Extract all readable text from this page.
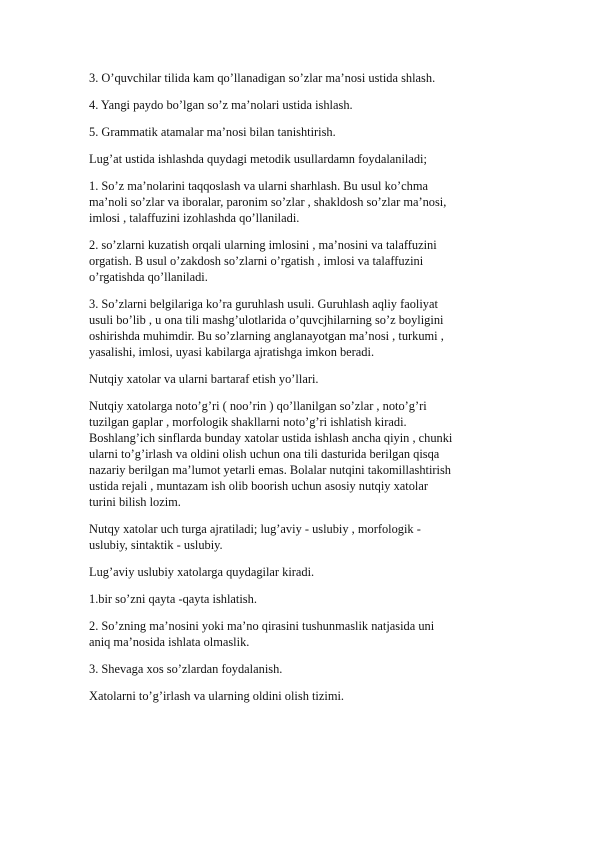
3. O’quvchilar tilida kam qo’llanadigan so’zlar ma’nosi ustida shlash.

4. Yangi paydo bo’lgan so’z ma’nolari ustida ishlash.

5. Grammatik atamalar ma’nosi bilan tanishtirish.

Lug’at ustida ishlashda quydagi metodik usullardamn foydalaniladi;

1. So’z ma’nolarini taqqoslash va ularni sharhlash. Bu usul ko’chma
ma’noli so’zlar va iboralar, paronim so’zlar , shakldosh so’zlar ma’nosi,
imlosi , talaffuzini izohlashda qo’llaniladi.

2. so’zlarni kuzatish orqali ularning imlosini , ma’nosini va talaffuzini
orgatish. B usul o’zakdosh so’zlarni o’rgatish , imlosi va talaffuzini
o’rgatishda qo’llaniladi.

3. So’zlarni belgilariga ko’ra guruhlash usuli. Guruhlash aqliy faoliyat
usuli bo’lib , u ona tili mashg’ulotlarida o’quvcjhilarning so’z boyligini
oshirishda muhimdir. Bu so’zlarning anglanayotgan ma’nosi , turkumi ,
yasalishi, imlosi, uyasi kabilarga ajratishga imkon beradi.

Nutqiy xatolar va ularni bartaraf etish yo’llari.

Nutqiy xatolarga noto’g’ri ( noo’rin ) qo’llanilgan so’zlar , noto’g’ri
tuzilgan gaplar , morfologik shakllarni noto’g’ri ishlatish kiradi.
Boshlang’ich sinflarda bunday xatolar ustida ishlash ancha qiyin , chunki
ularni to’g’irlash va oldini olish uchun ona tili dasturida berilgan qisqa
nazariy berilgan ma’lumot yetarli emas. Bolalar nutqini takomillashtirish
ustida rejali , muntazam ish olib boorish uchun asosiy nutqiy xatolar
turini bilish lozim.

Nutqy xatolar uch turga ajratiladi; lug’aviy - uslubiy , morfologik -
uslubiy, sintaktik - uslubiy.

Lug’aviy uslubiy xatolarga quydagilar kiradi.

1.bir so’zni qayta -qayta ishlatish.

2. So’zning ma’nosini yoki ma’no qirasini tushunmaslik natjasida uni
aniq ma’nosida ishlata olmaslik.

3. Shevaga xos so’zlardan foydalanish.

Xatolarni to’g’irlash va ularning oldini olish tizimi.
